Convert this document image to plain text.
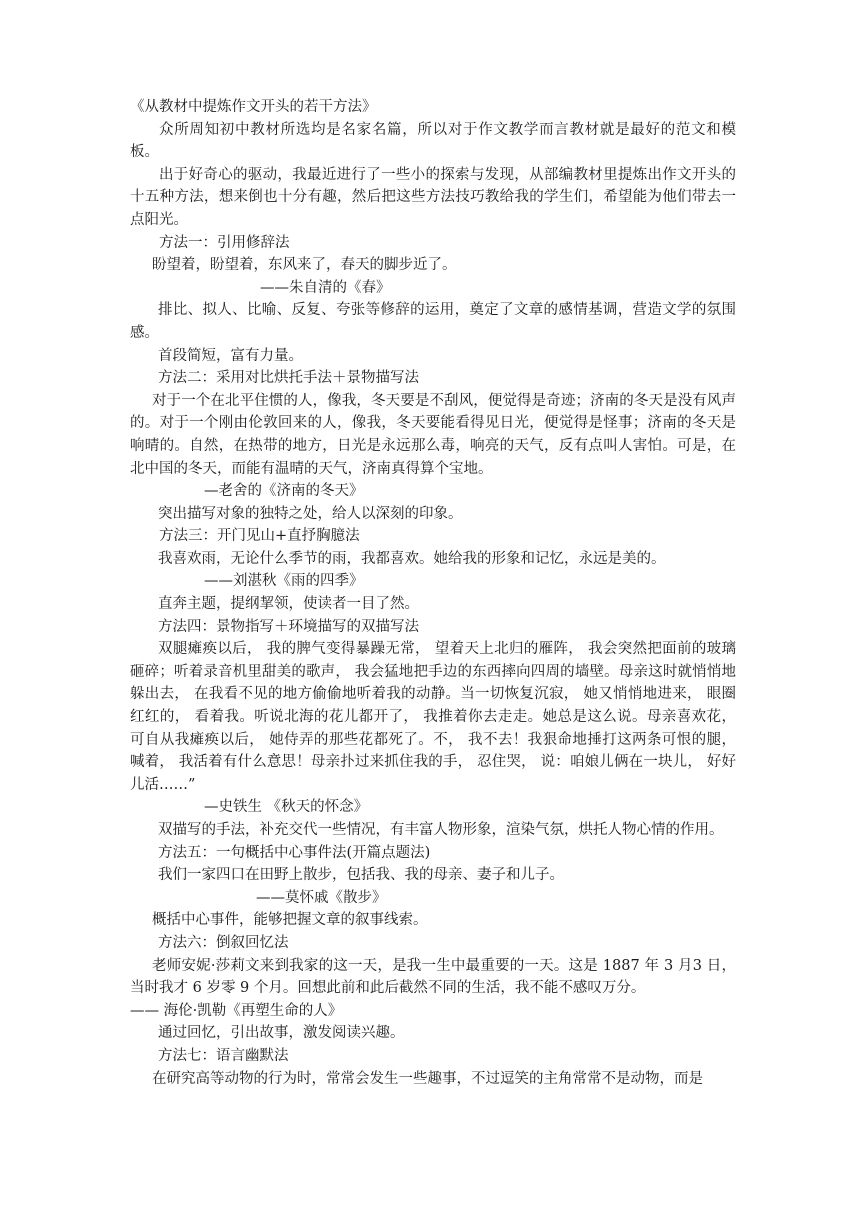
《从教材中提炼作文开头的若干方法》

众所周知初中教材所选均是名家名篇，所以对于作文教学而言教材就是最好的范文和模板。

出于好奇心的驱动，我最近进行了一些小的探索与发现，从部编教材里提炼出作文开头的十五种方法，想来倒也十分有趣，然后把这些方法技巧教给我的学生们，希望能为他们带去一点阳光。

方法一：引用修辞法

盼望着，盼望着，东风来了，春天的脚步近了。

——朱自清的《春》

排比、拟人、比喻、反复、夸张等修辞的运用，奠定了文章的感情基调，营造文学的氛围感。

首段简短，富有力量。

方法二：采用对比烘托手法＋景物描写法

对于一个在北平住惯的人，像我，冬天要是不刮风，便觉得是奇迹；济南的冬天是没有风声的。对于一个刚由伦敦回来的人，像我，冬天要能看得见日光，便觉得是怪事；济南的冬天是响晴的。自然，在热带的地方，日光是永远那么毒，响亮的天气，反有点叫人害怕。可是，在北中国的冬天，而能有温晴的天气，济南真得算个宝地。

—老舍的《济南的冬天》

突出描写对象的独特之处，给人以深刻的印象。

方法三：开门见山+直抒胸臆法

我喜欢雨，无论什么季节的雨，我都喜欢。她给我的形象和记忆，永远是美的。

——刘湛秋《雨的四季》

直奔主题，提纲挈领，使读者一目了然。

方法四：景物指写＋环境描写的双描写法

双腿瘫痪以后， 我的脾气变得暴躁无常， 望着天上北归的雁阵， 我会突然把面前的玻璃砸碎；听着录音机里甜美的歌声， 我会猛地把手边的东西摔向四周的墙壁。母亲这时就悄悄地躲出去， 在我看不见的地方偷偷地听着我的动静。当一切恢复沉寂， 她又悄悄地进来， 眼圈红红的， 看着我。听说北海的花儿都开了， 我推着你去走走。她总是这么说。母亲喜欢花， 可自从我瘫痪以后， 她侍弄的那些花都死了。不， 我不去！我狠命地捶打这两条可恨的腿， 喊着， 我活着有什么意思！母亲扑过来抓住我的手， 忍住哭， 说：咱娘儿俩在一块儿， 好好儿活……”

—史铁生 《秋天的怀念》

双描写的手法，补充交代一些情况，有丰富人物形象，渲染气氛，烘托人物心情的作用。

方法五：一句概括中心事件法(开篇点题法)

我们一家四口在田野上散步，包括我、我的母亲、妻子和儿子。

——莫怀戚《散步》

概括中心事件，能够把握文章的叙事线索。

方法六：倒叙回忆法

老师安妮·莎莉文来到我家的这一天，是我一生中最重要的一天。这是 1887 年 3 月3 日，当时我才 6 岁零 9 个月。回想此前和此后截然不同的生活，我不能不感叹万分。

—— 海伦·凯勒《再塑生命的人》

通过回忆，引出故事，激发阅读兴趣。

方法七：语言幽默法

在研究高等动物的行为时，常常会发生一些趣事，不过逗笑的主角常常不是动物，而是
